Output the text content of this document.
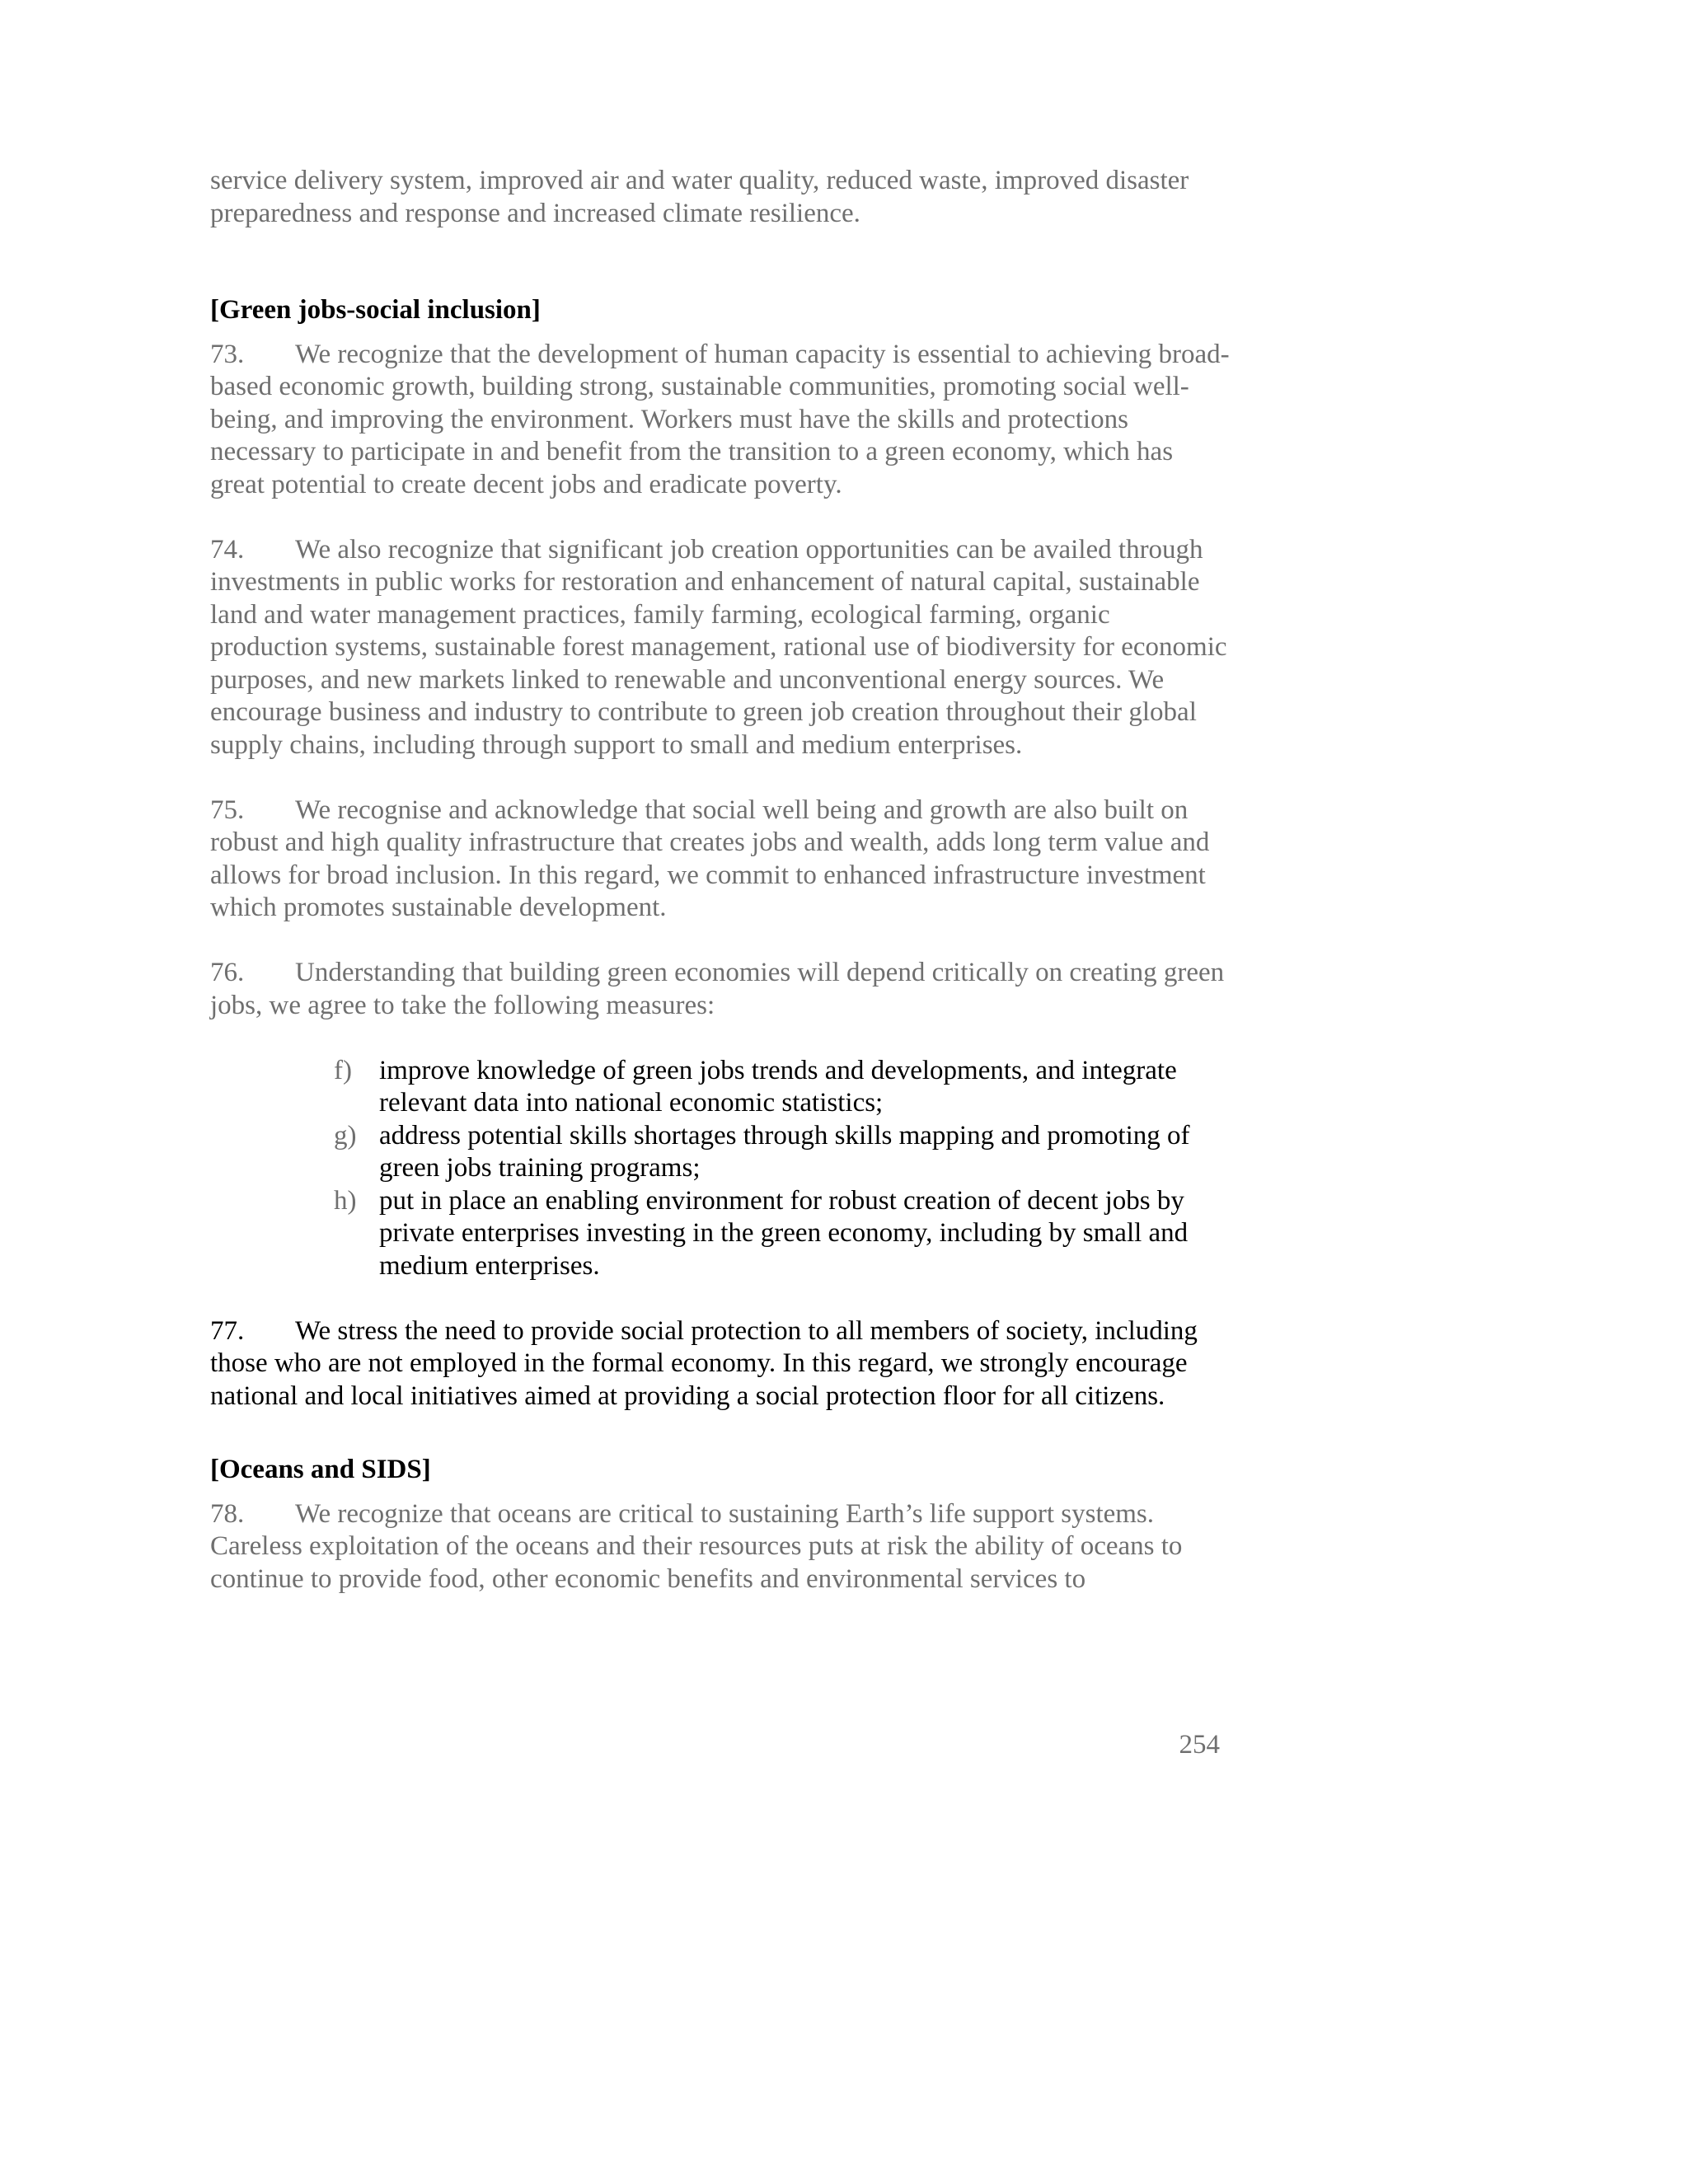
service delivery system, improved air and water quality, reduced waste, improved disaster preparedness and response and increased climate resilience.

[Green jobs-social inclusion]

73. We recognize that the development of human capacity is essential to achieving broad-based economic growth, building strong, sustainable communities, promoting social well-being, and improving the environment. Workers must have the skills and protections necessary to participate in and benefit from the transition to a green economy, which has great potential to create decent jobs and eradicate poverty.

74. We also recognize that significant job creation opportunities can be availed through investments in public works for restoration and enhancement of natural capital, sustainable land and water management practices, family farming, ecological farming, organic production systems, sustainable forest management, rational use of biodiversity for economic purposes, and new markets linked to renewable and unconventional energy sources. We encourage business and industry to contribute to green job creation throughout their global supply chains, including through support to small and medium enterprises.

75. We recognise and acknowledge that social well being and growth are also built on robust and high quality infrastructure that creates jobs and wealth, adds long term value and allows for broad inclusion. In this regard, we commit to enhanced infrastructure investment which promotes sustainable development.

76. Understanding that building green economies will depend critically on creating green jobs, we agree to take the following measures:

f)	improve knowledge of green jobs trends and developments, and integrate relevant data into national economic statistics;
g) address potential skills shortages through skills mapping and promoting of green jobs training programs;
h) put in place an enabling environment for robust creation of decent jobs by private enterprises investing in the green economy, including by small and medium enterprises.

77. We stress the need to provide social protection to all members of society, including those who are not employed in the formal economy. In this regard, we strongly encourage national and local initiatives aimed at providing a social protection floor for all citizens.

[Oceans and SIDS]

78. We recognize that oceans are critical to sustaining Earth’s life support systems. Careless exploitation of the oceans and their resources puts at risk the ability of oceans to continue to provide food, other economic benefits and environmental services to

254
